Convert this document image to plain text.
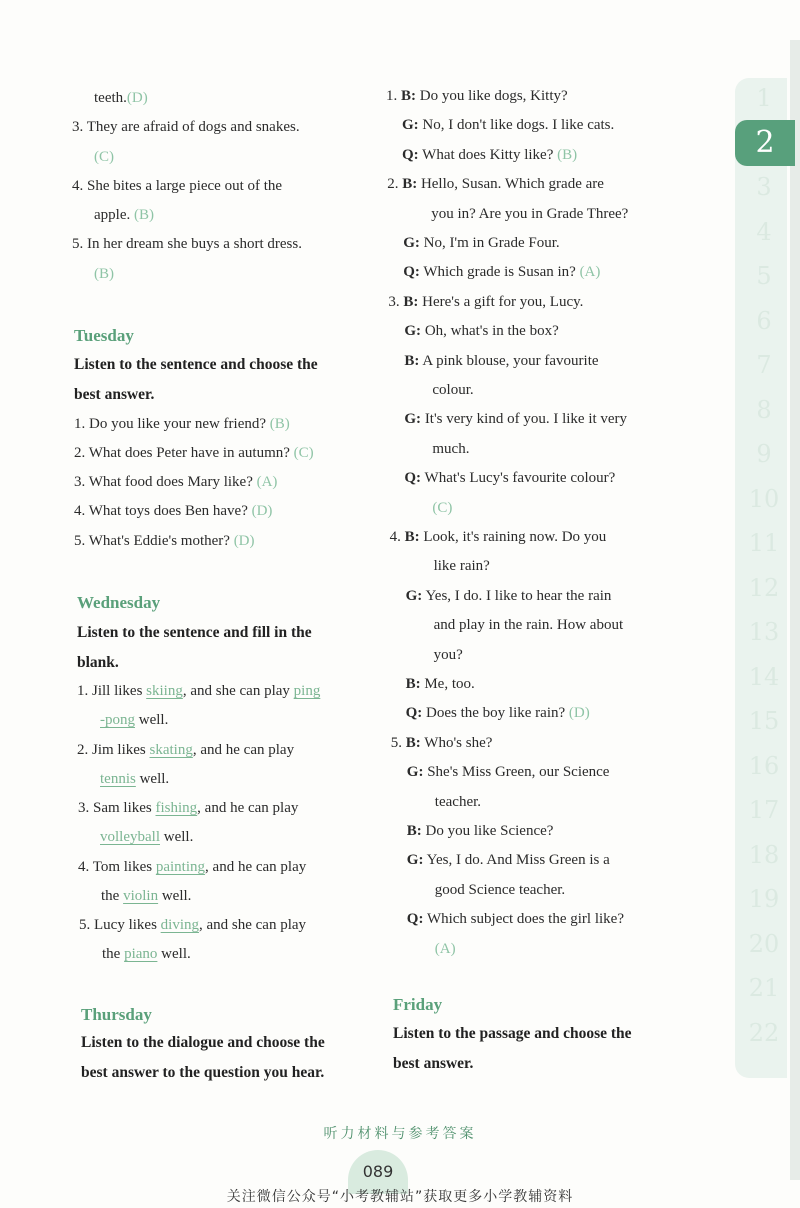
teeth.(D)
3. They are afraid of dogs and snakes.
(C)
4. She bites a large piece out of the
apple. (B)
5. In her dream she buys a short dress.
(B)
Tuesday
Listen to the sentence and choose the
best answer.
1. Do you like your new friend? (B)
2. What does Peter have in autumn? (C)
3. What food does Mary like? (A)
4. What toys does Ben have? (D)
5. What's Eddie's mother? (D)
Wednesday
Listen to the sentence and fill in the
blank.
1. Jill likes skiing, and she can play ping
-pong well.
2. Jim likes skating, and he can play
tennis well.
3. Sam likes fishing, and he can play
volleyball well.
4. Tom likes painting, and he can play
the violin well.
5. Lucy likes diving, and she can play
the piano well.
Thursday
Listen to the dialogue and choose the
best answer to the question you hear.
1. B: Do you like dogs, Kitty?
G: No, I don't like dogs. I like cats.
Q: What does Kitty like? (B)
2. B: Hello, Susan. Which grade are
you in? Are you in Grade Three?
G: No, I'm in Grade Four.
Q: Which grade is Susan in? (A)
3. B: Here's a gift for you, Lucy.
G: Oh, what's in the box?
B: A pink blouse, your favourite
colour.
G: It's very kind of you. I like it very
much.
Q: What's Lucy's favourite colour?
(C)
4. B: Look, it's raining now. Do you
like rain?
G: Yes, I do. I like to hear the rain
and play in the rain. How about
you?
B: Me, too.
Q: Does the boy like rain? (D)
5. B: Who's she?
G: She's Miss Green, our Science
teacher.
B: Do you like Science?
G: Yes, I do. And Miss Green is a
good Science teacher.
Q: Which subject does the girl like?
(A)
Friday
Listen to the passage and choose the
best answer.
1
2
3
4
5
6
7
8
9
10
11
12
13
14
15
16
17
18
19
20
21
22
听力材料与参考答案
089
关注微信公众号“小考教辅站”获取更多小学教辅资料
